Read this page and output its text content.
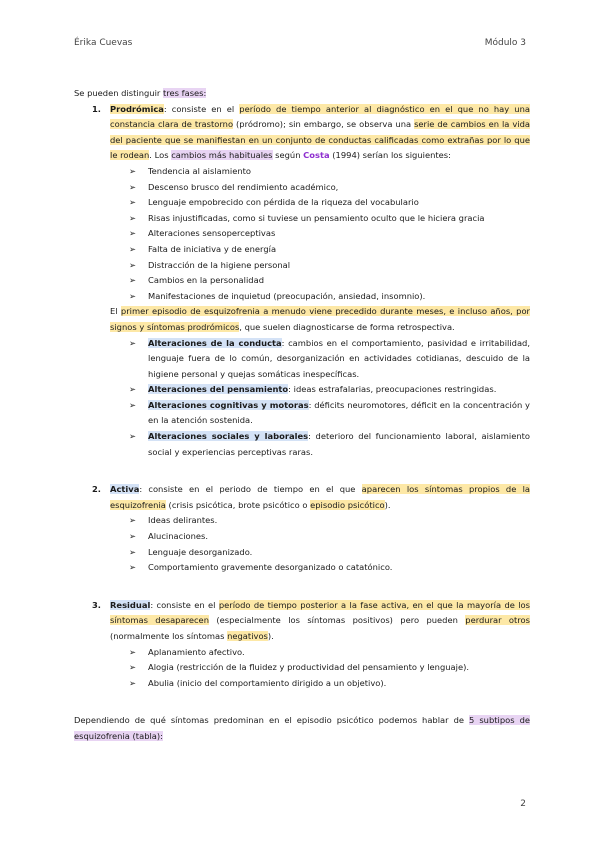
Érika Cuevas	Módulo 3

Se pueden distinguir tres fases:

1. Prodrómica: consiste en el período de tiempo anterior al diagnóstico en el que no hay una constancia clara de trastorno (pródromo); sin embargo, se observa una serie de cambios en la vida del paciente que se manifiestan en un conjunto de conductas calificadas como extrañas por lo que le rodean. Los cambios más habituales según Costa (1994) serían los siguientes:
➢ Tendencia al aislamiento
➢ Descenso brusco del rendimiento académico,
➢ Lenguaje empobrecido con pérdida de la riqueza del vocabulario
➢ Risas injustificadas, como si tuviese un pensamiento oculto que le hiciera gracia
➢ Alteraciones sensoperceptivas
➢ Falta de iniciativa y de energía
➢ Distracción de la higiene personal
➢ Cambios en la personalidad
➢ Manifestaciones de inquietud (preocupación, ansiedad, insomnio).

El primer episodio de esquizofrenia a menudo viene precedido durante meses, e incluso años, por signos y síntomas prodrómicos, que suelen diagnosticarse de forma retrospectiva.

➢ Alteraciones de la conducta: cambios en el comportamiento, pasividad e irritabilidad, lenguaje fuera de lo común, desorganización en actividades cotidianas, descuido de la higiene personal y quejas somáticas inespecíficas.
➢ Alteraciones del pensamiento: ideas estrafalarias, preocupaciones restringidas.
➢ Alteraciones cognitivas y motoras: déficits neuromotores, déficit en la concentración y en la atención sostenida.
➢ Alteraciones sociales y laborales: deterioro del funcionamiento laboral, aislamiento social y experiencias perceptivas raras.
2. Activa: consiste en el periodo de tiempo en el que aparecen los síntomas propios de la esquizofrenia (crisis psicótica, brote psicótico o episodio psicótico).
➢ Ideas delirantes.
➢ Alucinaciones.
➢ Lenguaje desorganizado.
➢ Comportamiento gravemente desorganizado o catatónico.
3. Residual: consiste en el período de tiempo posterior a la fase activa, en el que la mayoría de los síntomas desaparecen (especialmente los síntomas positivos) pero pueden perdurar otros (normalmente los síntomas negativos).
➢ Aplanamiento afectivo.
➢ Alogia (restricción de la fluidez y productividad del pensamiento y lenguaje).
➢ Abulia (inicio del comportamiento dirigido a un objetivo).

Dependiendo de qué síntomas predominan en el episodio psicótico podemos hablar de 5 subtipos de esquizofrenia (tabla):

2
